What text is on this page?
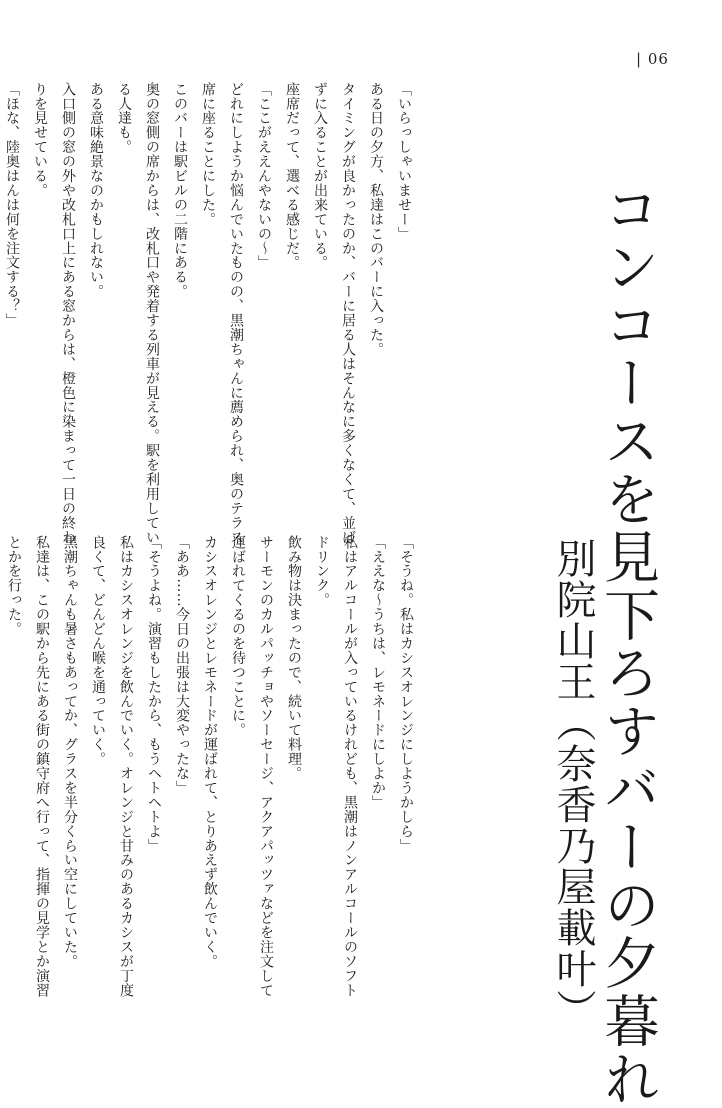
| 06
コンコースを見下ろすバーの夕暮れ
別院山王（奈香乃屋載叶）

「いらっしゃいませー」

ある日の夕方、私達はこのバーに入った。

タイミングが良かったのか、バーに居る人はそんなに多くなくて、並ば

ずに入ることが出来ている。

座席だって、選べる感じだ。

「ここがええんやないの〜」

どれにしようか悩んでいたものの、黒潮ちゃんに薦められ、奥のテラス

席に座ることにした。

このバーは駅ビルの二階にある。

奥の窓側の席からは、改札口や発着する列車が見える。駅を利用してい

る人達も。

ある意味絶景なのかもしれない。

入口側の窓の外や改札口上にある窓からは、橙色に染まって一日の終わ

りを見せている。

「ほな、陸奥はんは何を注文する？」

「そうね。私はカシスオレンジにしようかしら」

「ええな〜うちは、レモネードにしよか」

私はアルコールが入っているけれども、黒潮はノンアルコールのソフト

ドリンク。

飲み物は決まったので、続いて料理。

サーモンのカルパッチョやソーセージ、アクアパッツァなどを注文して

運ばれてくるのを待つことに。

カシスオレンジとレモネードが運ばれて、とりあえず飲んでいく。

「ああ……今日の出張は大変やったな」

「そうよね。演習もしたから、もうヘトヘトよ」

私はカシスオレンジを飲んでいく。オレンジと甘みのあるカシスが丁度

良くて、どんどん喉を通っていく。

黒潮ちゃんも暑さもあってか、グラスを半分くらい空にしていた。

私達は、この駅から先にある街の鎮守府へ行って、指揮の見学とか演習

とかを行った。
